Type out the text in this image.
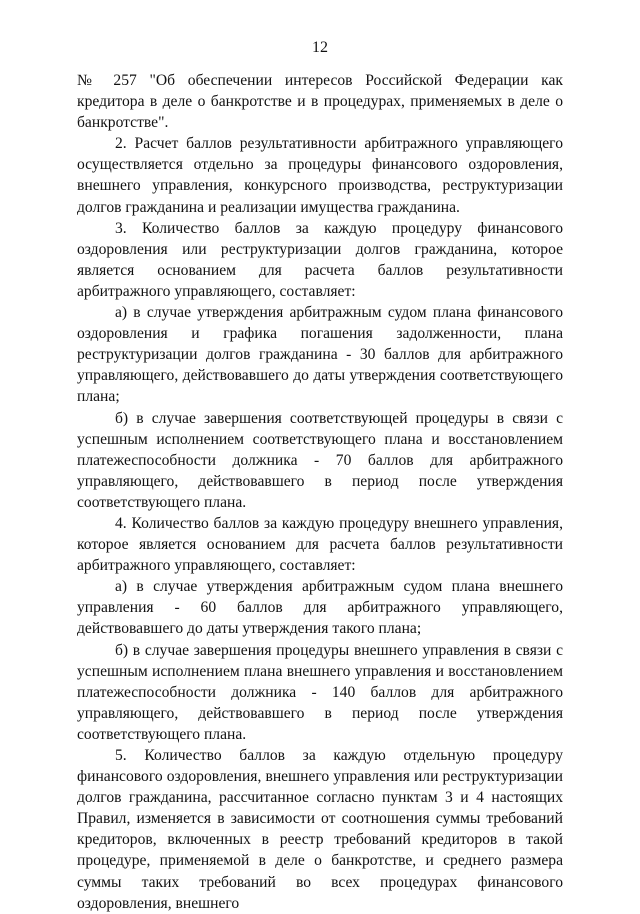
12

№ 257 "Об обеспечении интересов Российской Федерации как кредитора в деле о банкротстве и в процедурах, применяемых в деле о банкротстве".

2. Расчет баллов результативности арбитражного управляющего осуществляется отдельно за процедуры финансового оздоровления, внешнего управления, конкурсного производства, реструктуризации долгов гражданина и реализации имущества гражданина.

3. Количество баллов за каждую процедуру финансового оздоровления или реструктуризации долгов гражданина, которое является основанием для расчета баллов результативности арбитражного управляющего, составляет:

а) в случае утверждения арбитражным судом плана финансового оздоровления и графика погашения задолженности, плана реструктуризации долгов гражданина - 30 баллов для арбитражного управляющего, действовавшего до даты утверждения соответствующего плана;

б) в случае завершения соответствующей процедуры в связи с успешным исполнением соответствующего плана и восстановлением платежеспособности должника - 70 баллов для арбитражного управляющего, действовавшего в период после утверждения соответствующего плана.

4. Количество баллов за каждую процедуру внешнего управления, которое является основанием для расчета баллов результативности арбитражного управляющего, составляет:

а) в случае утверждения арбитражным судом плана внешнего управления - 60 баллов для арбитражного управляющего, действовавшего до даты утверждения такого плана;

б) в случае завершения процедуры внешнего управления в связи с успешным исполнением плана внешнего управления и восстановлением платежеспособности должника - 140 баллов для арбитражного управляющего, действовавшего в период после утверждения соответствующего плана.

5. Количество баллов за каждую отдельную процедуру финансового оздоровления, внешнего управления или реструктуризации долгов гражданина, рассчитанное согласно пунктам 3 и 4 настоящих Правил, изменяется в зависимости от соотношения суммы требований кредиторов, включенных в реестр требований кредиторов в такой процедуре, применяемой в деле о банкротстве, и среднего размера суммы таких требований во всех процедурах финансового оздоровления, внешнего
